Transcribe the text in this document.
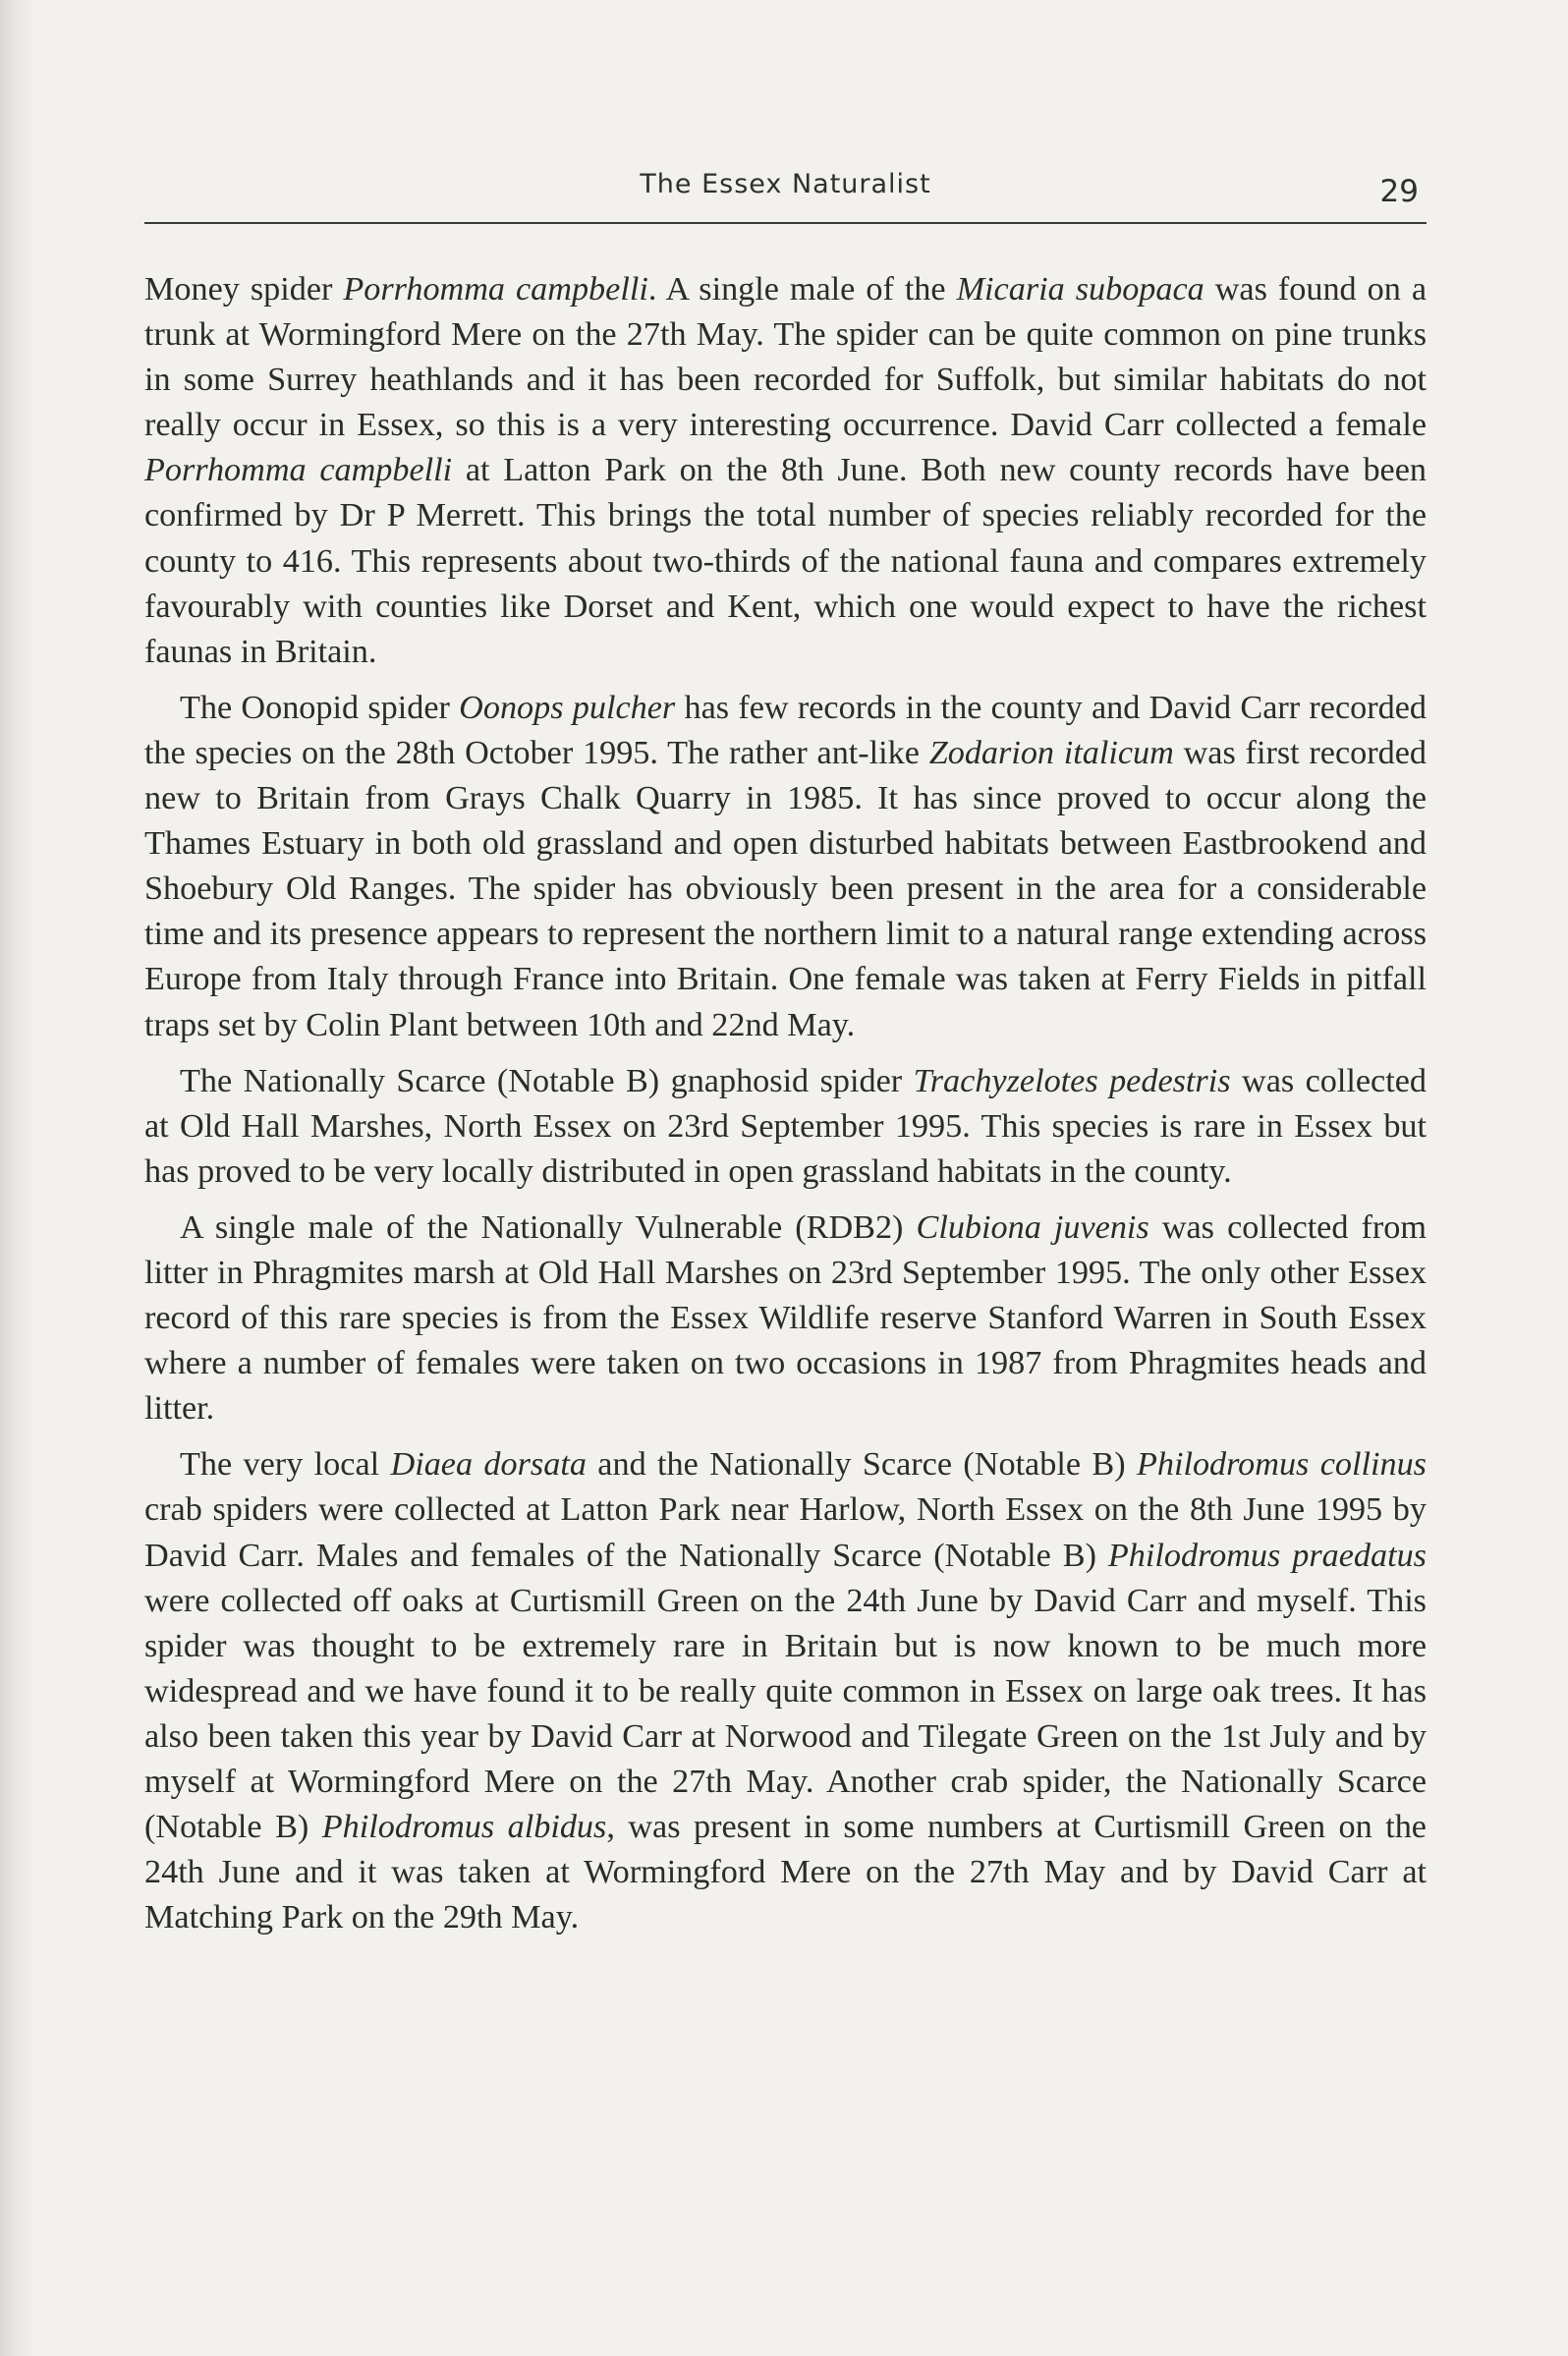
The Essex Naturalist	29

Money spider Porrhomma campbelli. A single male of the Micaria subopaca was found on a trunk at Wormingford Mere on the 27th May. The spider can be quite common on pine trunks in some Surrey heathlands and it has been recorded for Suffolk, but similar habitats do not really occur in Essex, so this is a very interesting occurrence. David Carr collected a female Porrhomma campbelli at Latton Park on the 8th June. Both new county records have been confirmed by Dr P Merrett. This brings the total number of species reliably recorded for the county to 416. This represents about two-thirds of the national fauna and compares extremely favourably with counties like Dorset and Kent, which one would expect to have the richest faunas in Britain.

The Oonopid spider Oonops pulcher has few records in the county and David Carr recorded the species on the 28th October 1995. The rather ant-like Zodarion italicum was first recorded new to Britain from Grays Chalk Quarry in 1985. It has since proved to occur along the Thames Estuary in both old grassland and open disturbed habitats between Eastbrookend and Shoebury Old Ranges. The spider has obviously been present in the area for a considerable time and its presence appears to represent the northern limit to a natural range extending across Europe from Italy through France into Britain. One female was taken at Ferry Fields in pitfall traps set by Colin Plant between 10th and 22nd May.

The Nationally Scarce (Notable B) gnaphosid spider Trachyzelotes pedestris was collected at Old Hall Marshes, North Essex on 23rd September 1995. This species is rare in Essex but has proved to be very locally distributed in open grassland habitats in the county.

A single male of the Nationally Vulnerable (RDB2) Clubiona juvenis was collected from litter in Phragmites marsh at Old Hall Marshes on 23rd September 1995. The only other Essex record of this rare species is from the Essex Wildlife reserve Stanford Warren in South Essex where a number of females were taken on two occasions in 1987 from Phragmites heads and litter.

The very local Diaea dorsata and the Nationally Scarce (Notable B) Philodromus collinus crab spiders were collected at Latton Park near Harlow, North Essex on the 8th June 1995 by David Carr. Males and females of the Nationally Scarce (Notable B) Philodromus praedatus were collected off oaks at Curtismill Green on the 24th June by David Carr and myself. This spider was thought to be extremely rare in Britain but is now known to be much more widespread and we have found it to be really quite common in Essex on large oak trees. It has also been taken this year by David Carr at Norwood and Tilegate Green on the 1st July and by myself at Wormingford Mere on the 27th May. Another crab spider, the Nationally Scarce (Notable B) Philodromus albidus, was present in some numbers at Curtismill Green on the 24th June and it was taken at Wormingford Mere on the 27th May and by David Carr at Matching Park on the 29th May.
